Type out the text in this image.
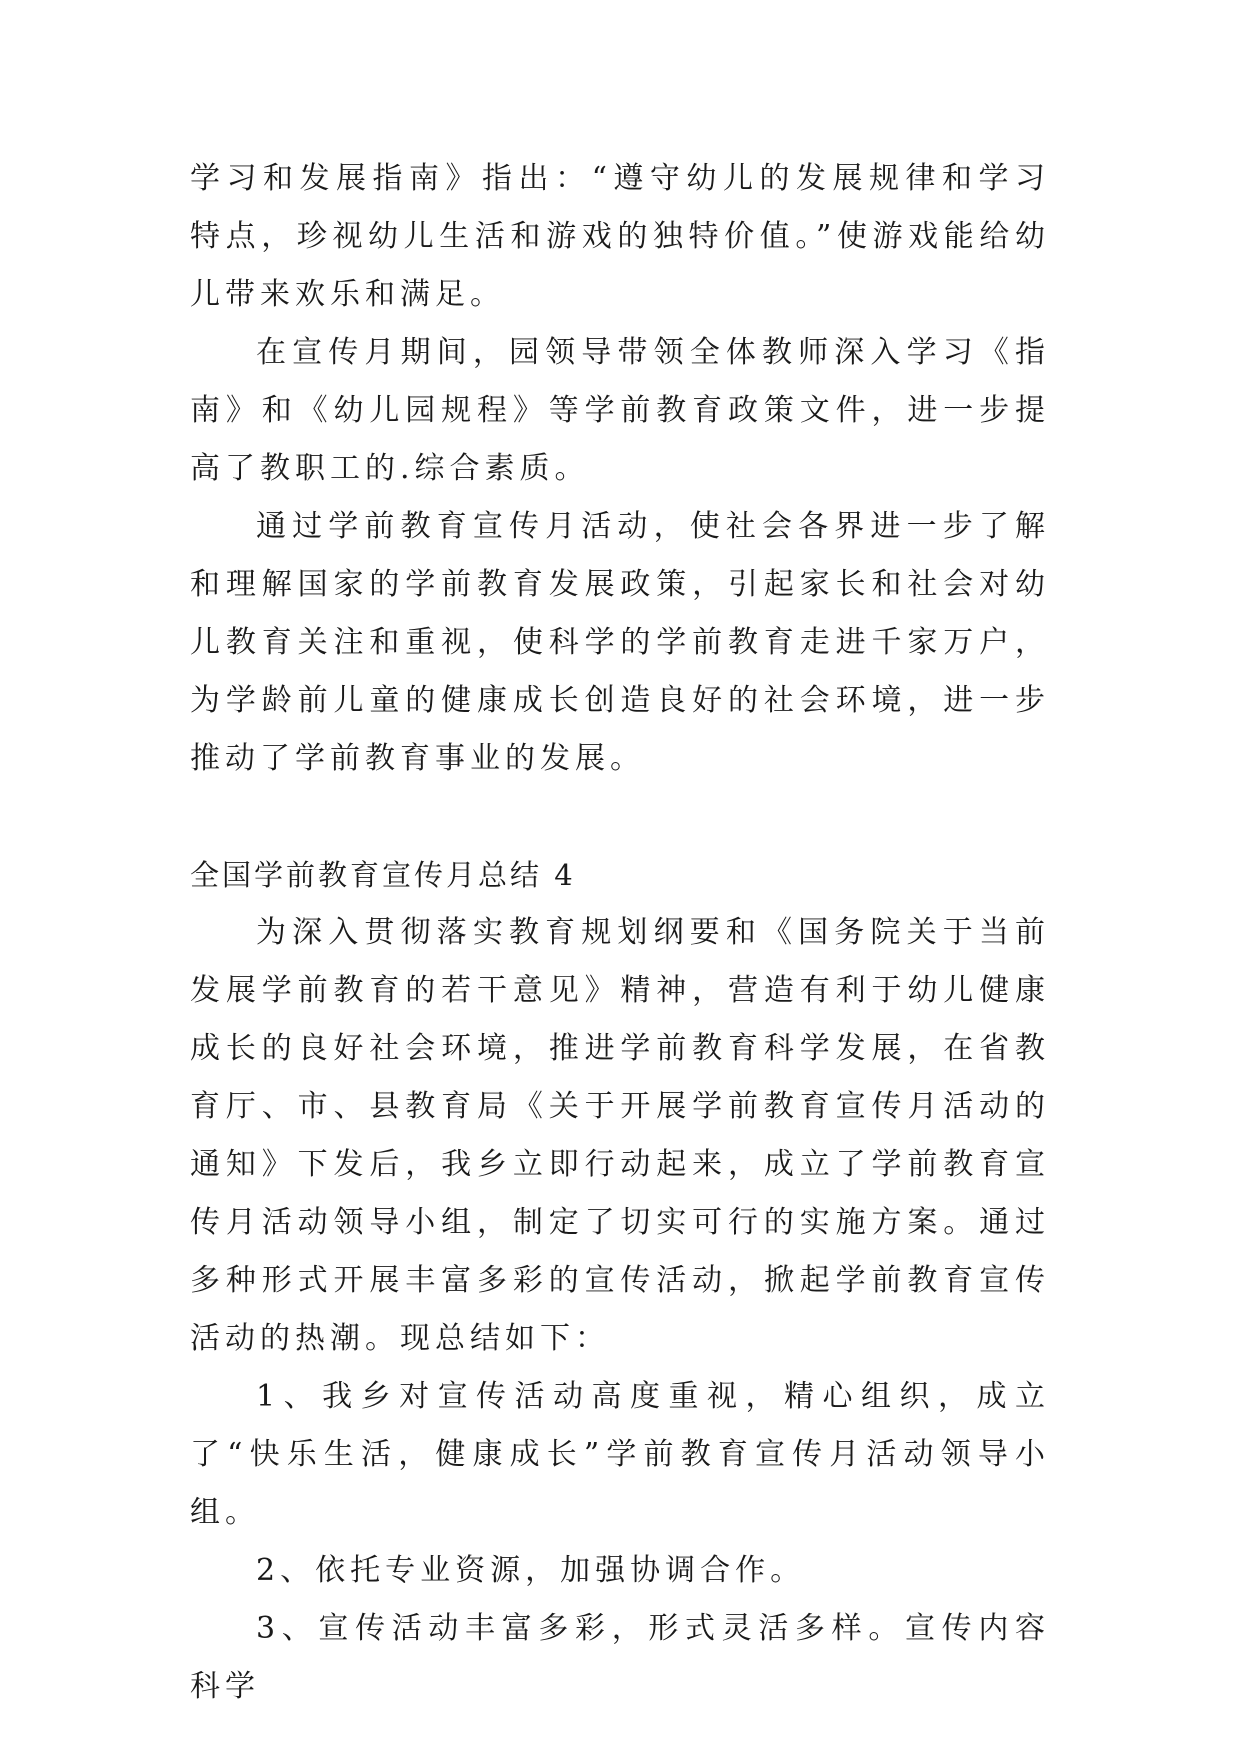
学习和发展指南》指出：“遵守幼儿的发展规律和学习特点，珍视幼儿生活和游戏的独特价值。”使游戏能给幼儿带来欢乐和满足。

在宣传月期间，园领导带领全体教师深入学习《指南》和《幼儿园规程》等学前教育政策文件，进一步提高了教职工的.综合素质。

通过学前教育宣传月活动，使社会各界进一步了解和理解国家的学前教育发展政策，引起家长和社会对幼儿教育关注和重视，使科学的学前教育走进千家万户，为学龄前儿童的健康成长创造良好的社会环境，进一步推动了学前教育事业的发展。

全国学前教育宣传月总结 4

为深入贯彻落实教育规划纲要和《国务院关于当前发展学前教育的若干意见》精神，营造有利于幼儿健康成长的良好社会环境，推进学前教育科学发展，在省教育厅、市、县教育局《关于开展学前教育宣传月活动的通知》下发后，我乡立即行动起来，成立了学前教育宣传月活动领导小组，制定了切实可行的实施方案。通过多种形式开展丰富多彩的宣传活动，掀起学前教育宣传活动的热潮。现总结如下：

1、我乡对宣传活动高度重视，精心组织，成立了“快乐生活，健康成长”学前教育宣传月活动领导小组。

2、依托专业资源，加强协调合作。

3、宣传活动丰富多彩，形式灵活多样。宣传内容科学
